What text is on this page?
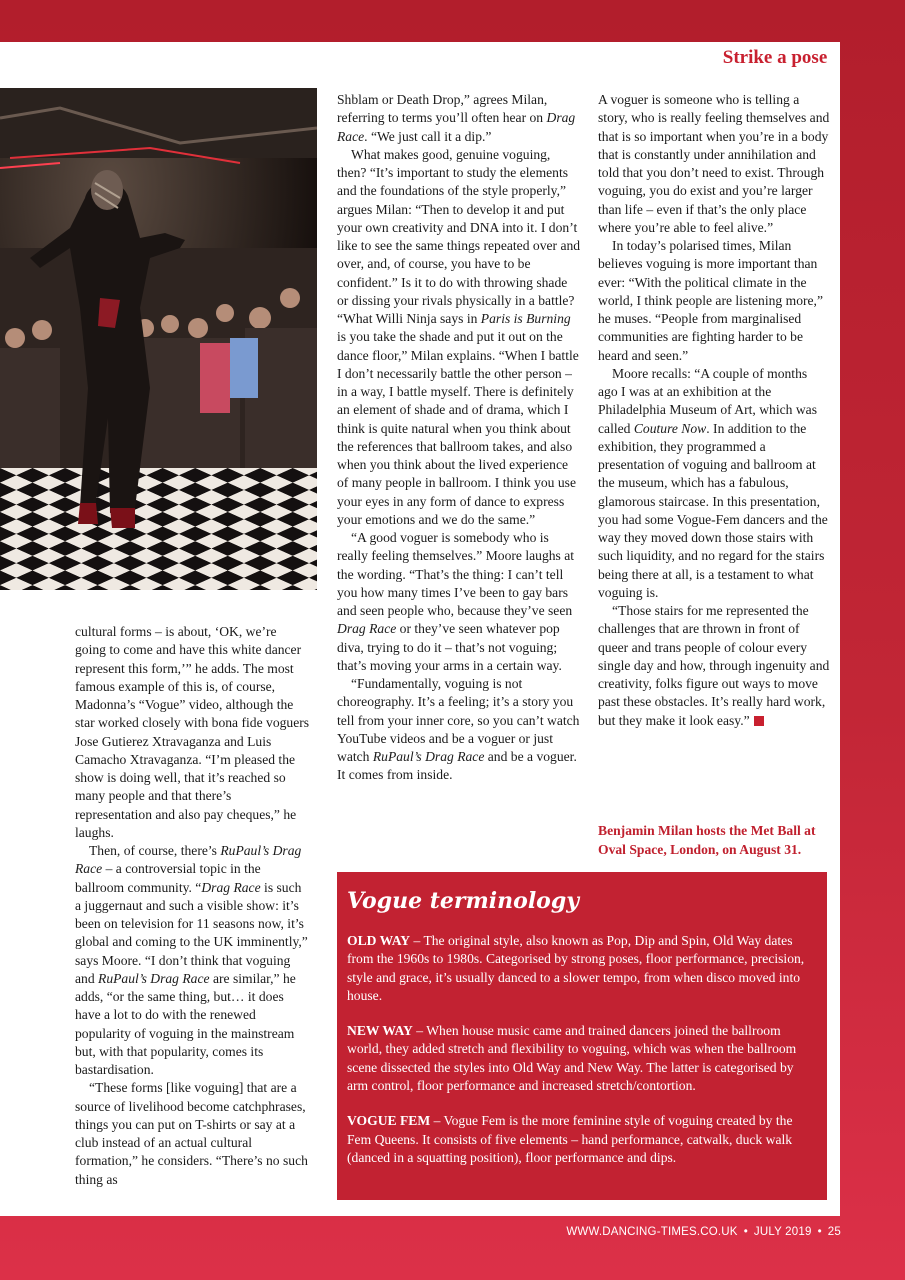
Strike a pose

cultural forms – is about, ‘OK, we’re going to come and have this white dancer represent this form,’” he adds. The most famous example of this is, of course, Madonna’s “Vogue” video, although the star worked closely with bona fide voguers Jose Gutierez Xtravaganza and Luis Camacho Xtravaganza. “I’m pleased the show is doing well, that it’s reached so many people and that there’s representation and also pay cheques,” he laughs.

Then, of course, there’s RuPaul’s Drag Race – a controversial topic in the ballroom community. “Drag Race is such a juggernaut and such a visible show: it’s been on television for 11 seasons now, it’s global and coming to the UK imminently,” says Moore. “I don’t think that voguing and RuPaul’s Drag Race are similar,” he adds, “or the same thing, but… it does have a lot to do with the renewed popularity of voguing in the mainstream but, with that popularity, comes its bastardisation.

“These forms [like voguing] that are a source of livelihood become catchphrases, things you can put on T-shirts or say at a club instead of an actual cultural formation,” he considers. “There’s no such thing as

Shblam or Death Drop,” agrees Milan, referring to terms you’ll often hear on Drag Race. “We just call it a dip.”

What makes good, genuine voguing, then? “It’s important to study the elements and the foundations of the style properly,” argues Milan: “Then to develop it and put your own creativity and DNA into it. I don’t like to see the same things repeated over and over, and, of course, you have to be confident.” Is it to do with throwing shade or dissing your rivals physically in a battle? “What Willi Ninja says in Paris is Burning is you take the shade and put it out on the dance floor,” Milan explains. “When I battle I don’t necessarily battle the other person – in a way, I battle myself. There is definitely an element of shade and of drama, which I think is quite natural when you think about the references that ballroom takes, and also when you think about the lived experience of many people in ballroom. I think you use your eyes in any form of dance to express your emotions and we do the same.”

“A good voguer is somebody who is really feeling themselves.” Moore laughs at the wording. “That’s the thing: I can’t tell you how many times I’ve been to gay bars and seen people who, because they’ve seen Drag Race or they’ve seen whatever pop diva, trying to do it – that’s not voguing; that’s moving your arms in a certain way.

“Fundamentally, voguing is not choreography. It’s a feeling; it’s a story you tell from your inner core, so you can’t watch YouTube videos and be a voguer or just watch RuPaul’s Drag Race and be a voguer. It comes from inside.

A voguer is someone who is telling a story, who is really feeling themselves and that is so important when you’re in a body that is constantly under annihilation and told that you don’t need to exist. Through voguing, you do exist and you’re larger than life – even if that’s the only place where you’re able to feel alive.”

In today’s polarised times, Milan believes voguing is more important than ever: “With the political climate in the world, I think people are listening more,” he muses. “People from marginalised communities are fighting harder to be heard and seen.”

Moore recalls: “A couple of months ago I was at an exhibition at the Philadelphia Museum of Art, which was called Couture Now. In addition to the exhibition, they programmed a presentation of voguing and ballroom at the museum, which has a fabulous, glamorous staircase. In this presentation, you had some Vogue-Fem dancers and the way they moved down those stairs with such liquidity, and no regard for the stairs being there at all, is a testament to what voguing is.

“Those stairs for me represented the challenges that are thrown in front of queer and trans people of colour every single day and how, through ingenuity and creativity, folks figure out ways to move past these obstacles. It’s really hard work, but they make it look easy.”

Benjamin Milan hosts the Met Ball at Oval Space, London, on August 31.
Vogue terminology
OLD WAY – The original style, also known as Pop, Dip and Spin, Old Way dates from the 1960s to 1980s. Categorised by strong poses, floor performance, precision, style and grace, it’s usually danced to a slower tempo, from when disco moved into house.
NEW WAY – When house music came and trained dancers joined the ballroom world, they added stretch and flexibility to voguing, which was when the ballroom scene dissected the styles into Old Way and New Way. The latter is categorised by arm control, floor performance and increased stretch/contortion.
VOGUE FEM – Vogue Fem is the more feminine style of voguing created by the Fem Queens. It consists of five elements – hand performance, catwalk, duck walk (danced in a squatting position), floor performance and dips.
WWW.DANCING-TIMES.CO.UK • JULY 2019 • 25
